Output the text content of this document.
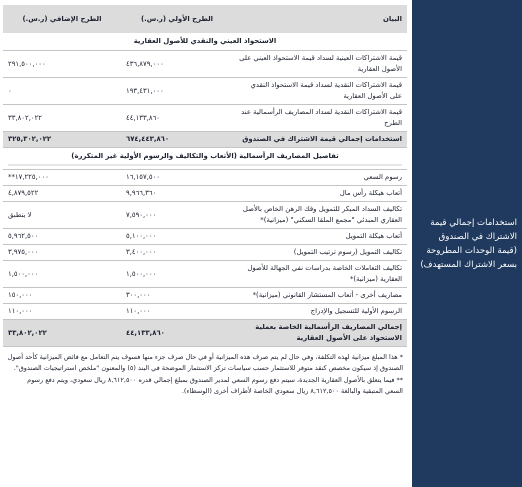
استخدامات إجمالي قيمة الاشتراك في الصندوق (قيمة الوحدات المطروحة بسعر الاشتراك المستهدف)
البيان	الطرح الأولي (ر.س.)	الطرح الإضافي (ر.س.)
الاستحواذ العيني والنقدي للأصول العقارية		
قيمة الاشتراكات العينية لسداد قيمة الاستحواذ العيني على الأصول العقارية	٤٣٦,٨٧٩,٠٠٠	٢٩١,٥٠٠,٠٠٠
قيمة الاشتراكات النقدية لسداد قيمة الاستحواذ النقدي على الأصول العقارية	١٩٣,٤٣١,٠٠٠	٠
قيمة الاشتراكات النقدية لسداد المصاريف الرأسمالية عند الطرح	٤٤,١٣٣,٨٦٠	٣٣,٨٠٢,٠٢٢
استخدامات إجمالي قيمة الاشتراك في الصندوق	٦٧٤,٤٤٣,٨٦٠	٣٢٥,٣٠٢,٠٢٢
تفاصيل المصاريف الرأسمالية (الأتعاب والتكاليف والرسوم الأولية غير المتكررة)		

رسوم السعي	١٦,١٥٧,٥٠٠	**١٧,٢٢٥,٠٠٠
أتعاب هيكلة رأس مال	٩,٩٦٦,٣٦٠	٤,٨٧٩,٥٢٢
تكاليف السداد المبكر للتمويل وفك الرهن الخاص بالأصل العقاري المبدئي "مجمع الملقا السكني" (ميزانية)*	٧,٥٩٠,٠٠٠	لا ينطبق
أتعاب هيكلة التمويل	٥,١٠٠,٠٠٠	٥,٩٦٢,٥٠٠
تكاليف التمويل (رسوم ترتيب التمويل)	٣,٤٠٠,٠٠٠	٣,٩٧٥,٠٠٠
تكاليف التعاملات الخاصة بدراسات نفي الجهالة للأصول العقارية (ميزانية)*	١,٥٠٠,٠٠٠	١,٥٠٠,٠٠٠
مصاريف أخرى - أتعاب المستشار القانوني (ميزانية)*	٣٠٠,٠٠٠	١٥٠,٠٠٠
الرسوم الأولية للتسجيل والإدراج	١١٠,٠٠٠	١١٠,٠٠٠
إجمالي المصاريف الرأسمالية الخاصة بعملية الاستحواذ على الأصول العقارية	٤٤,١٣٣,٨٦٠	٣٣,٨٠٢,٠٢٢

* هذا المبلغ ميزانية لهذه التكلفة، وفي حال لم يتم صرف هذه الميزانية أو في حال صرف جزء منها فسوف يتم التعامل مع فائض الميزانية كأحد أصول الصندوق إذ سيكون مخصص كنقد متوفر للاستثمار حسب سياسات تركز الاستثمار الموضحة في البند (٥) والمعنون "ملخص استراتيجيات الصندوق".

** فيما يتعلق بالأصول العقارية الجديدة، سيتم دفع رسوم السعي لمدير الصندوق بمبلغ إجمالي قدره ٨,٦١٢,٥٠٠ ريال سعودي، ويتم دفع رسوم السعي المتبقية والبالغة ٨,٦١٢,٥٠٠ ريال سعودي الخاصة لأطراف أخرى (الوسطاء).
